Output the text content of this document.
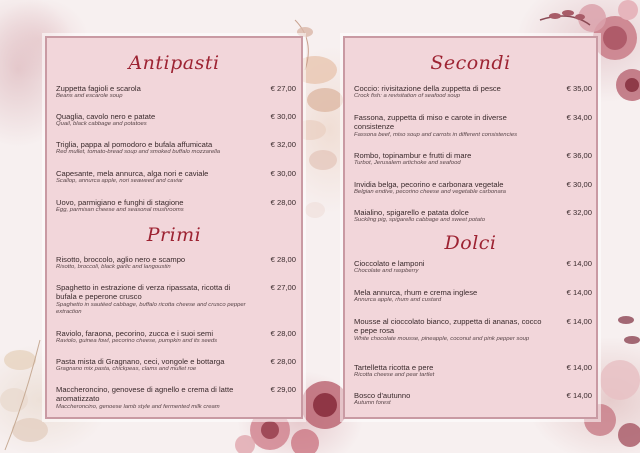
Antipasti
Zuppetta fagioli e scarola
Beans and escarole soup
€ 27,00
Quaglia, cavolo nero e patate
Quail, black cabbage and potatoes
€ 30,00
Triglia, pappa al pomodoro e bufala affumicata
Red mullet, tomato-bread soup and smoked buffalo mozzarella
€ 32,00
Capesante, mela annurca, alga nori e caviale
Scallop, annurca apple, nori seaweed and caviar
€ 30,00
Uovo, parmigiano e funghi di stagione
Egg, parmisan cheese and seasonal mushrooms
€ 28,00
Primi
Risotto, broccolo, aglio nero e scampo
Risotto, broccoli, black garlic and langoustin
€ 28,00
Spaghetto in estrazione di verza ripassata, ricotta di bufala e peperone crusco
Spaghetto in sautéed cabbage, buffalo ricotta cheese and crusco pepper extraction
€ 27,00
Raviolo, faraona, pecorino, zucca e i suoi semi
Raviolo, guinea fowl, pecorino cheese, pumpkin and its seeds
€ 28,00
Pasta mista di Gragnano, ceci, vongole e bottarga
Gragnano mix pasta, chickpeas, clams and mullet roe
€ 28,00
Maccheroncino, genovese di agnello e crema di latte aromatizzato
Maccheroncino, genoese lamb style and fermented milk cream
€ 29,00
Secondi
Coccio: rivisitazione della zuppetta di pesce
Crock fish: a revisitation of seafood soup
€ 35,00
Fassona, zuppetta di miso e carote in diverse consistenze
Fassona beef, miso soup and carrots in different consistencies
€ 34,00
Rombo, topinambur e frutti di mare
Turbot, Jerusalem artichoke and seafood
€ 36,00
Invidia belga, pecorino e carbonara vegetale
Belgian endive, pecorino cheese and vegetable carbonara
€ 30,00
Maialino, spigarello e patata dolce
Suckling pig, spigarello cabbage and sweet potato
€ 32,00
Dolci
Cioccolato e lamponi
Chocolate and raspberry
€ 14,00
Mela annurca, rhum e crema inglese
Annurca apple, rhum and custard
€ 14,00
Mousse al cioccolato bianco, zuppetta di ananas, cocco e pepe rosa
White chocolate mousse, pineapple, coconut and pink pepper soup
€ 14,00
Tartelletta ricotta e pere
Ricotta cheese and pear tartlet
€ 14,00
Bosco d'autunno
Autumn forest
€ 14,00
